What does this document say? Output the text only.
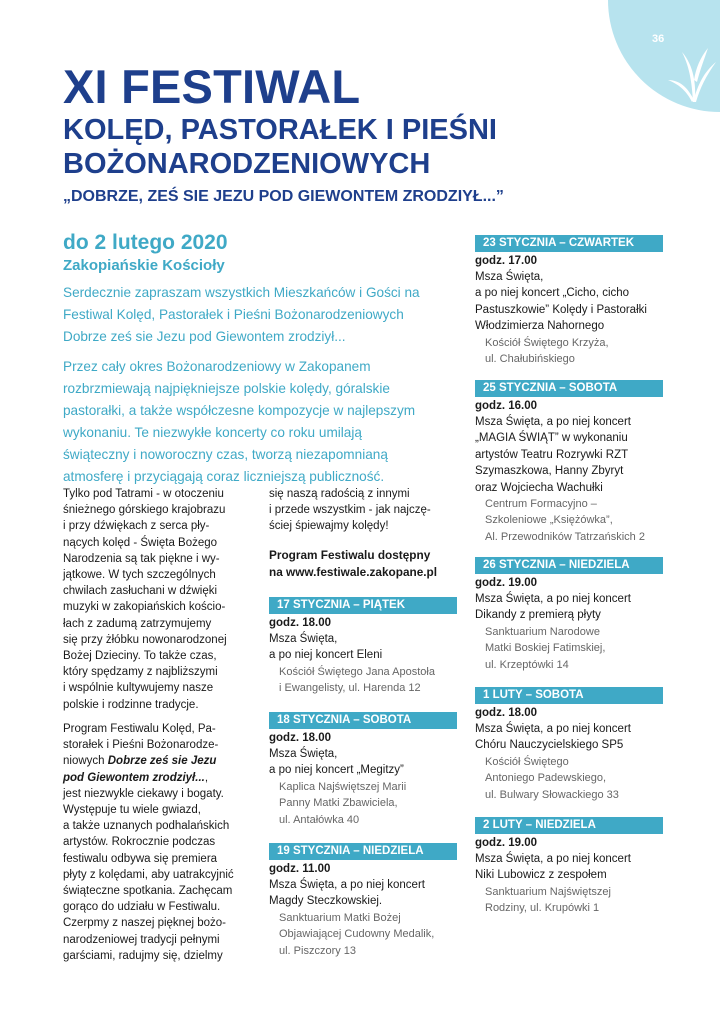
36
XI FESTIWAL
KOLĘD, PASTORAŁEK I PIEŚNI
BOŻONARODZENIOWYCH
„DOBRZE, ZEŚ SIE JEZU POD GIEWONTEM ZRODZIYŁ...”
do 2 lutego 2020
Zakopiańskie Kościoły
Serdecznie zapraszam wszystkich Mieszkańców i Gości na
Festiwal Kolęd, Pastorałek i Pieśni Bożonarodzeniowych
Dobrze ześ sie Jezu pod Giewontem zrodziył...
Przez cały okres Bożonarodzeniowy w Zakopanem
rozbrzmiewają najpiękniejsze polskie kolędy, góralskie
pastorałki, a także współczesne kompozycje w najlepszym
wykonaniu. Te niezwykłe koncerty co roku umilają
świąteczny i noworoczny czas, tworzą niezapomnianą
atmosferę i przyciągają coraz liczniejszą publiczność.
Tylko pod Tatrami - w otoczeniu
śnieżnego górskiego krajobrazu
i przy dźwiękach z serca pły-
nących kolęd - Święta Bożego
Narodzenia są tak piękne i wy-
jątkowe. W tych szczególnych
chwilach zasłuchani w dźwięki
muzyki w zakopiańskich kościo-
łach z zadumą zatrzymujemy
się przy żłóbku nowonarodzonej
Bożej Dzieciny. To także czas,
który spędzamy z najbliższymi
i wspólnie kultywujemy nasze
polskie i rodzinne tradycje.
Program Festiwalu Kolęd, Pa-
storałek i Pieśni Bożonarodze-
niowych Dobrze ześ sie Jezu
pod Giewontem zrodziył...,
jest niezwykle ciekawy i bogaty.
Występuje tu wiele gwiazd,
a także uznanych podhalańskich
artystów. Rokrocznie podczas
festiwalu odbywa się premiera
płyty z kolędami, aby uatrakcyjnić
świąteczne spotkania. Zachęcam
gorąco do udziału w Festiwalu.
Czerpmy z naszej pięknej bożo-
narodzeniowej tradycji pełnymi
garściami, radujmy się, dzielmy
się naszą radością z innymi
i przede wszystkim - jak najczę-
ściej śpiewajmy kolędy!
Program Festiwalu dostępny
na www.festiwale.zakopane.pl
17 STYCZNIA – PIĄTEK
godz. 18.00
Msza Święta,
a po niej koncert Eleni
Kościół Świętego Jana Apostoła
i Ewangelisty, ul. Harenda 12
18 STYCZNIA – SOBOTA
godz. 18.00
Msza Święta,
a po niej koncert „Megitzy”
Kaplica Najświętszej Marii
Panny Matki Zbawiciela,
ul. Antałówka 40
19 STYCZNIA – NIEDZIELA
godz. 11.00
Msza Święta, a po niej koncert
Magdy Steczkowskiej.
Sanktuarium Matki Bożej
Objawiającej Cudowny Medalik,
ul. Piszczory 13
23 STYCZNIA – CZWARTEK
godz. 17.00
Msza Święta,
a po niej koncert „Cicho, cicho
Pastuszkowie” Kolędy i Pastorałki
Włodzimierza Nahornego
Kościół Świętego Krzyża,
ul. Chałubińskiego
25 STYCZNIA – SOBOTA
godz. 16.00
Msza Święta, a po niej koncert
„MAGIA ŚWIĄT” w wykonaniu
artystów Teatru Rozrywki RZT
Szymaszkowa, Hanny Zbyryt
oraz Wojciecha Wachułki
Centrum Formacyjno –
Szkoleniowe „Księżówka”,
Al. Przewodników Tatrzańskich 2
26 STYCZNIA – NIEDZIELA
godz. 19.00
Msza Święta, a po niej koncert
Dikandy z premierą płyty
Sanktuarium Narodowe
Matki Boskiej Fatimskiej,
ul. Krzeptówki 14
1 LUTY – SOBOTA
godz. 18.00
Msza Święta, a po niej koncert
Chóru Nauczycielskiego SP5
Kościół Świętego
Antoniego Padewskiego,
ul. Bulwary Słowackiego 33
2 LUTY – NIEDZIELA
godz. 19.00
Msza Święta, a po niej koncert
Niki Lubowicz z zespołem
Sanktuarium Najświętszej
Rodziny, ul. Krupówki 1
